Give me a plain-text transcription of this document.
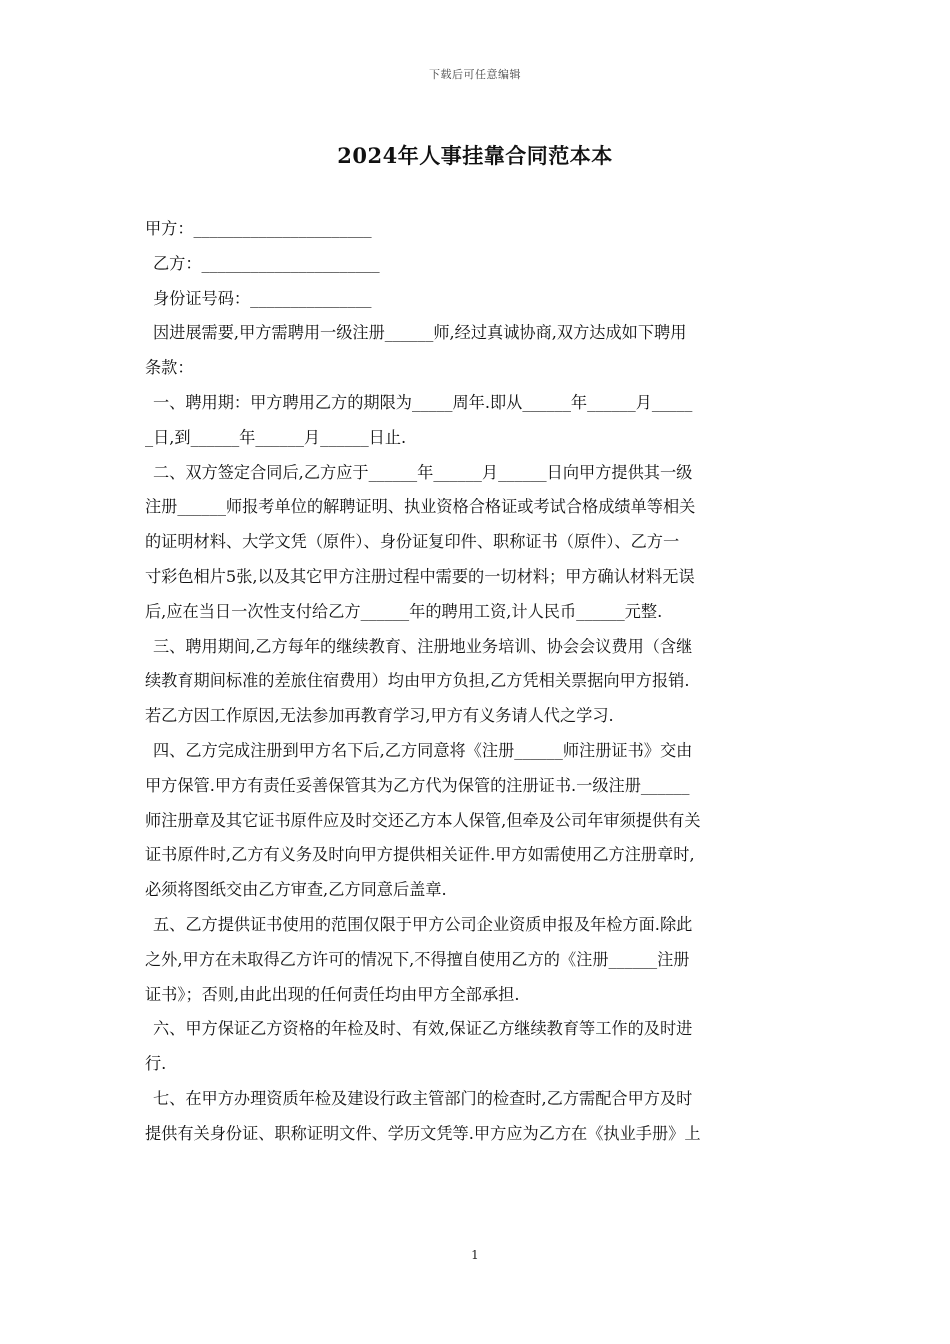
下载后可任意编辑
2024年人事挂靠合同范本本
甲方：______________________
乙方：______________________
身份证号码：_______________
因进展需要,甲方需聘用一级注册______师,经过真诚协商,双方达成如下聘用
条款：
一、聘用期：甲方聘用乙方的期限为_____周年.即从______年______月_____
_日,到______年______月______日止.
二、双方签定合同后,乙方应于______年______月______日向甲方提供其一级
注册______师报考单位的解聘证明、执业资格合格证或考试合格成绩单等相关
的证明材料、大学文凭（原件）、身份证复印件、职称证书（原件）、乙方一
寸彩色相片5张,以及其它甲方注册过程中需要的一切材料；甲方确认材料无误
后,应在当日一次性支付给乙方______年的聘用工资,计人民币______元整.
三、聘用期间,乙方每年的继续教育、注册地业务培训、协会会议费用（含继
续教育期间标准的差旅住宿费用）均由甲方负担,乙方凭相关票据向甲方报销.
若乙方因工作原因,无法参加再教育学习,甲方有义务请人代之学习.
四、乙方完成注册到甲方名下后,乙方同意将《注册______师注册证书》交由
甲方保管.甲方有责任妥善保管其为乙方代为保管的注册证书.一级注册______
师注册章及其它证书原件应及时交还乙方本人保管,但牵及公司年审须提供有关
证书原件时,乙方有义务及时向甲方提供相关证件.甲方如需使用乙方注册章时,
必须将图纸交由乙方审查,乙方同意后盖章.
五、乙方提供证书使用的范围仅限于甲方公司企业资质申报及年检方面.除此
之外,甲方在未取得乙方许可的情况下,不得擅自使用乙方的《注册______注册
证书》；否则,由此出现的任何责任均由甲方全部承担.
六、甲方保证乙方资格的年检及时、有效,保证乙方继续教育等工作的及时进
行.
七、在甲方办理资质年检及建设行政主管部门的检查时,乙方需配合甲方及时
提供有关身份证、职称证明文件、学历文凭等.甲方应为乙方在《执业手册》上
1
